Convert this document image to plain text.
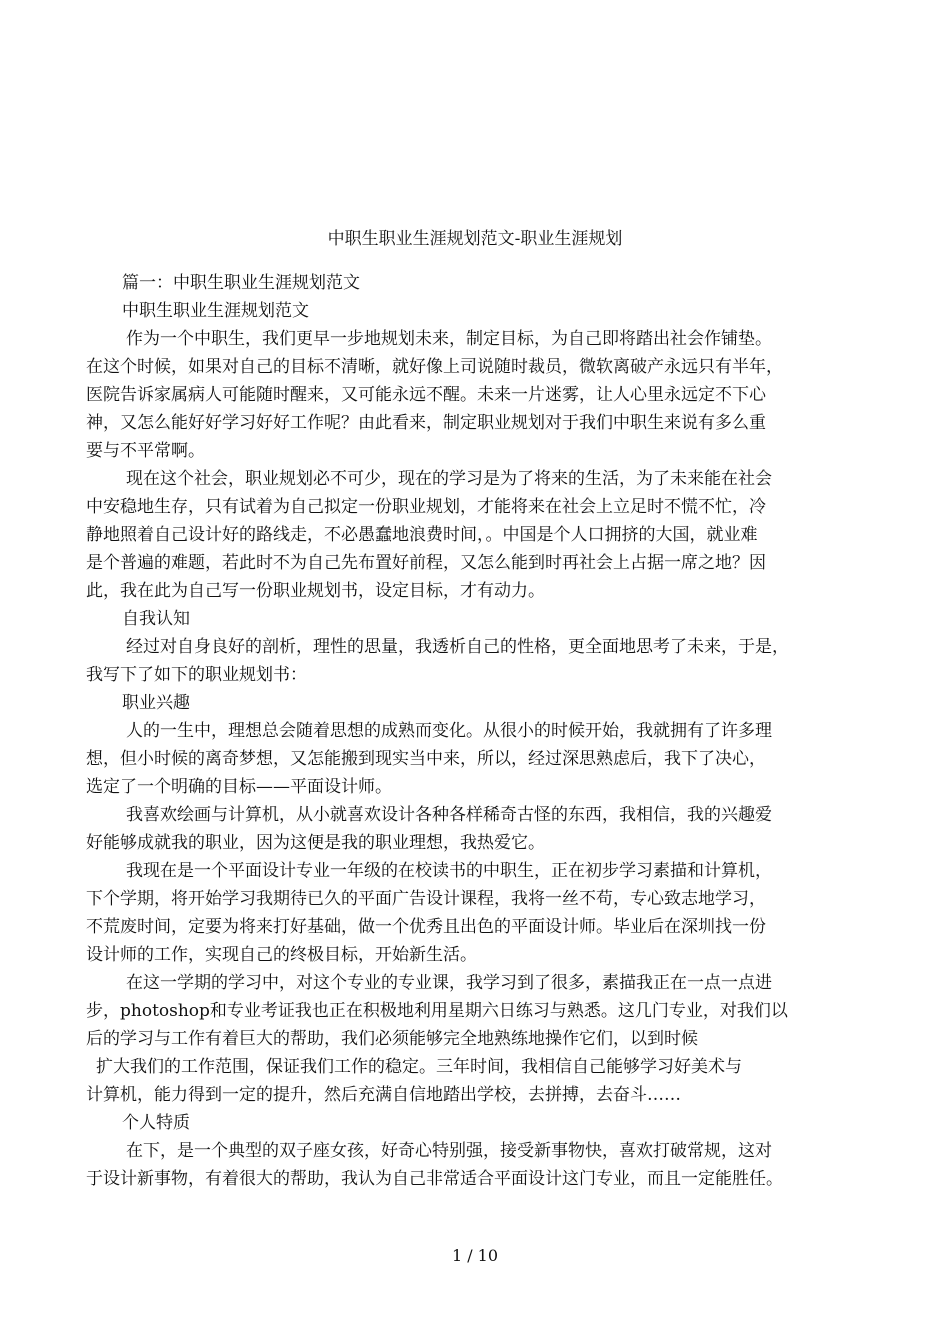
中职生职业生涯规划范文-职业生涯规划
篇一：中职生职业生涯规划范文
中职生职业生涯规划范文
作为一个中职生，我们更早一步地规划未来，制定目标，为自己即将踏出社会作铺垫。
在这个时候，如果对自己的目标不清晰，就好像上司说随时裁员，微软离破产永远只有半年，
医院告诉家属病人可能随时醒来，又可能永远不醒。未来一片迷雾，让人心里永远定不下心
神，又怎么能好好学习好好工作呢？由此看来，制定职业规划对于我们中职生来说有多么重
要与不平常啊。
现在这个社会，职业规划必不可少，现在的学习是为了将来的生活，为了未来能在社会
中安稳地生存，只有试着为自己拟定一份职业规划，才能将来在社会上立足时不慌不忙，冷
静地照着自己设计好的路线走，不必愚蠢地浪费时间，。中国是个人口拥挤的大国，就业难
是个普遍的难题，若此时不为自己先布置好前程，又怎么能到时再社会上占据一席之地？因
此，我在此为自己写一份职业规划书，设定目标，才有动力。
自我认知
经过对自身良好的剖析，理性的思量，我透析自己的性格，更全面地思考了未来，于是，
我写下了如下的职业规划书：
职业兴趣
人的一生中，理想总会随着思想的成熟而变化。从很小的时候开始，我就拥有了许多理
想，但小时候的离奇梦想，又怎能搬到现实当中来，所以，经过深思熟虑后，我下了决心，
选定了一个明确的目标——平面设计师。
我喜欢绘画与计算机，从小就喜欢设计各种各样稀奇古怪的东西，我相信，我的兴趣爱
好能够成就我的职业，因为这便是我的职业理想，我热爱它。
我现在是一个平面设计专业一年级的在校读书的中职生，正在初步学习素描和计算机，
下个学期，将开始学习我期待已久的平面广告设计课程，我将一丝不苟，专心致志地学习，
不荒废时间，定要为将来打好基础，做一个优秀且出色的平面设计师。毕业后在深圳找一份
设计师的工作，实现自己的终极目标，开始新生活。
在这一学期的学习中，对这个专业的专业课，我学习到了很多，素描我正在一点一点进
步，photoshop和专业考证我也正在积极地利用星期六日练习与熟悉。这几门专业，对我们以
后的学习与工作有着巨大的帮助，我们必须能够完全地熟练地操作它们，以到时候
扩大我们的工作范围，保证我们工作的稳定。三年时间，我相信自己能够学习好美术与
计算机，能力得到一定的提升，然后充满自信地踏出学校，去拼搏，去奋斗……
个人特质
在下，是一个典型的双子座女孩，好奇心特别强，接受新事物快，喜欢打破常规，这对
于设计新事物，有着很大的帮助，我认为自己非常适合平面设计这门专业，而且一定能胜任。
1 / 10
